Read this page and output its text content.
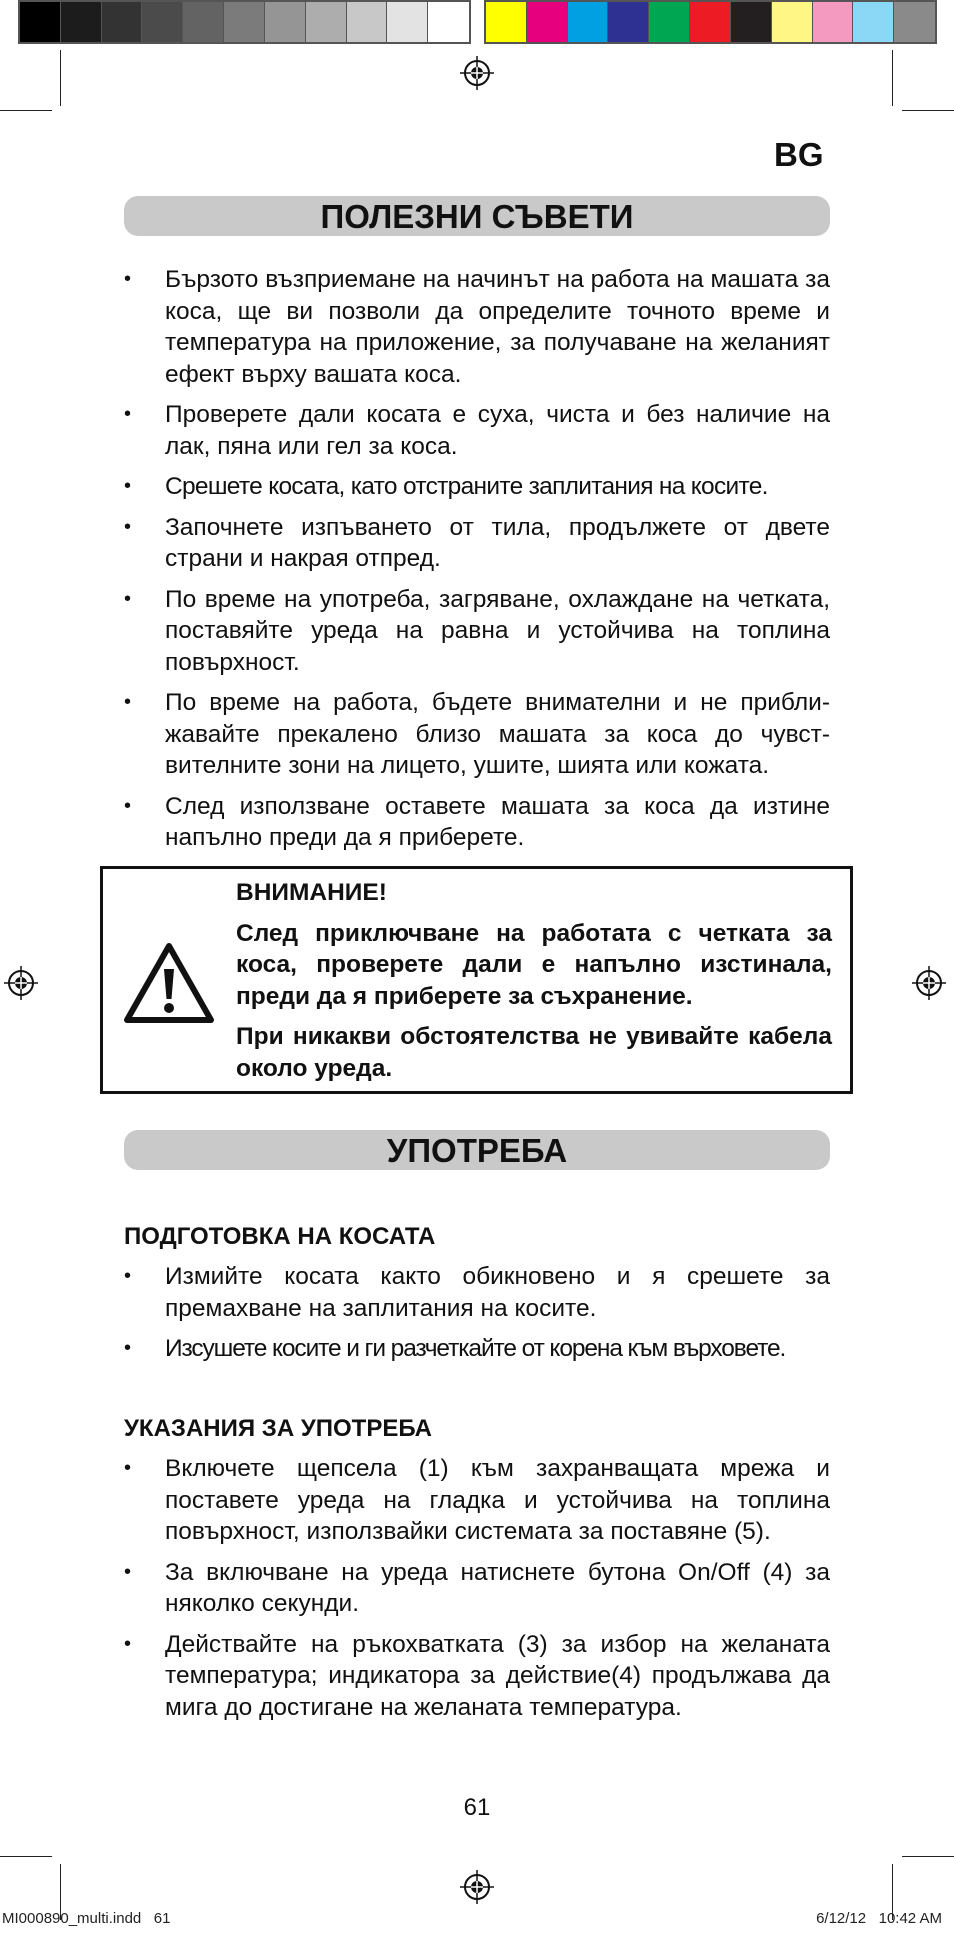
BG
ПОЛЕЗНИ СЪВЕТИ
• Бързото възприемане на начинът на работа на машата за коса, ще ви позволи да определите точното време и температура на приложение, за получаване на желаният ефект върху вашата коса.
• Проверете дали косата е суха, чиста и без наличие на лак, пяна или гел за коса.
• Срешете косата, като отстраните заплитания на косите.
• Започнете изпъването от тила, продължете от двете страни и накрая отпред.
• По време на употреба, загряване, охлаждане на четката, поставяйте уреда на равна и устойчива на топлина повърхност.
• По време на работа, бъдете внимателни и не прибли-жавайте прекалено близо машата за коса до чувст-вителните зони на лицето, ушите, шията или кожата.
• След използване оставете машата за коса да изтине напълно преди да я приберете.

ВНИМАНИЕ!

След приключване на работата с четката за коса, проверете дали е напълно изстинала, преди да я приберете за съхранение.

При никакви обстоятелства не увивайте кабела около уреда.

УПОТРЕБА
ПОДГОТОВКА НА КОСАТА
• Измийте косата както обикновено и я срешете за премахване на заплитания на косите.
• Изсушете косите и ги разчеткайте от корена към върховете.
УКАЗАНИЯ ЗА УПОТРЕБА
• Включете щепсела (1) към захранващата мрежа и поставете уреда на гладка и устойчива на топлина повърхност, използвайки системата за поставяне (5).
• За включване на уреда натиснете бутона On/Off (4) за няколко секунди.
• Действайте на ръкохватката (3) за избор на желаната температура; индикатора за действие(4) продължава да мига до достигане на желаната температура.
61
MI000890_multi.indd   61	6/12/12   10:42 AM
